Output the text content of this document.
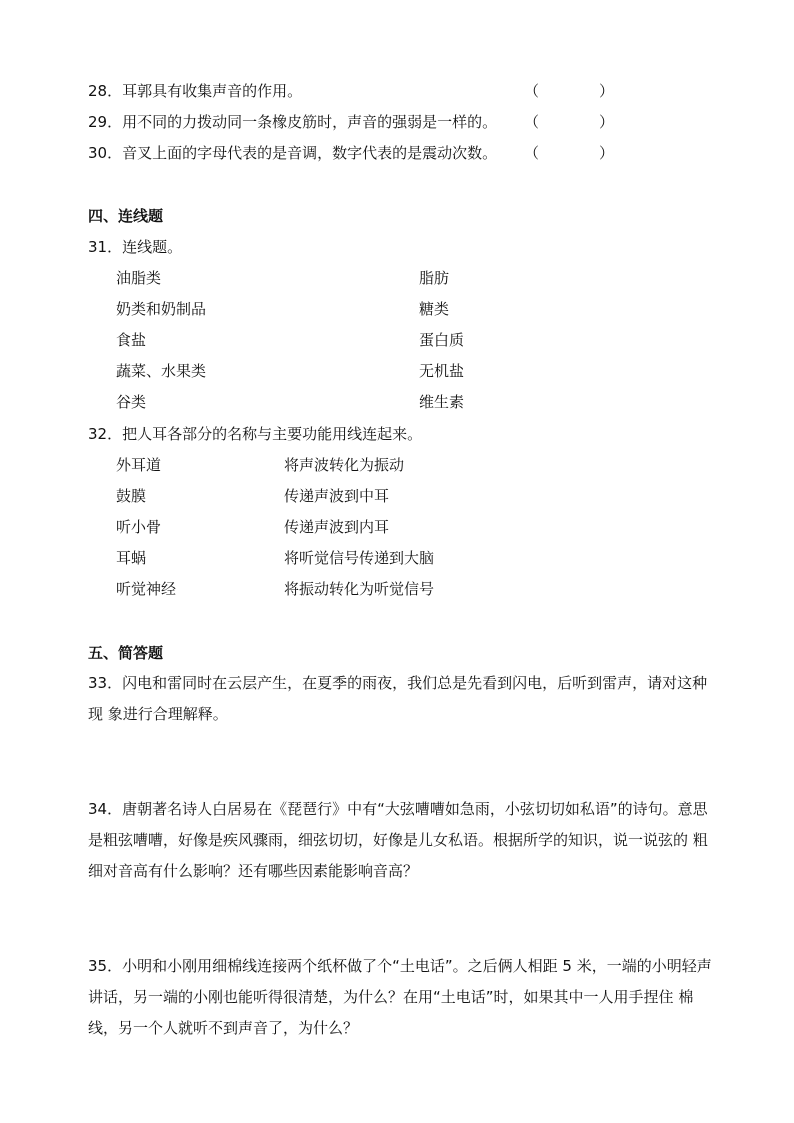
28．耳郭具有收集声音的作用。	（　　　　）
29．用不同的力拨动同一条橡皮筋时，声音的强弱是一样的。 （　　　　）
30．音叉上面的字母代表的是音调，数字代表的是震动次数。 （　　　　）
四、连线题
31．连线题。
油脂类
奶类和奶制品
食盐
蔬菜、水果类
谷类
脂肪
糖类
蛋白质
无机盐
维生素
32．把人耳各部分的名称与主要功能用线连起来。
外耳道
鼓膜
听小骨
耳蜗
听觉神经
将声波转化为振动
传递声波到中耳
传递声波到内耳
将听觉信号传递到大脑
将振动转化为听觉信号
五、简答题
33．闪电和雷同时在云层产生，在夏季的雨夜，我们总是先看到闪电，后听到雷声，请对这种现 象进行合理解释。
34．唐朝著名诗人白居易在《琵琶行》中有“大弦嘈嘈如急雨，小弦切切如私语”的诗句。意思　 是粗弦嘈嘈，好像是疾风骤雨，细弦切切，好像是儿女私语。根据所学的知识，说一说弦的 粗细对音高有什么影响？还有哪些因素能影响音高？
35．小明和小刚用细棉线连接两个纸杯做了个“土电话”。之后俩人相距 5 米，一端的小明轻声 讲话，另一端的小刚也能听得很清楚，为什么？在用“土电话”时，如果其中一人用手捏住 棉线，另一个人就听不到声音了，为什么？
